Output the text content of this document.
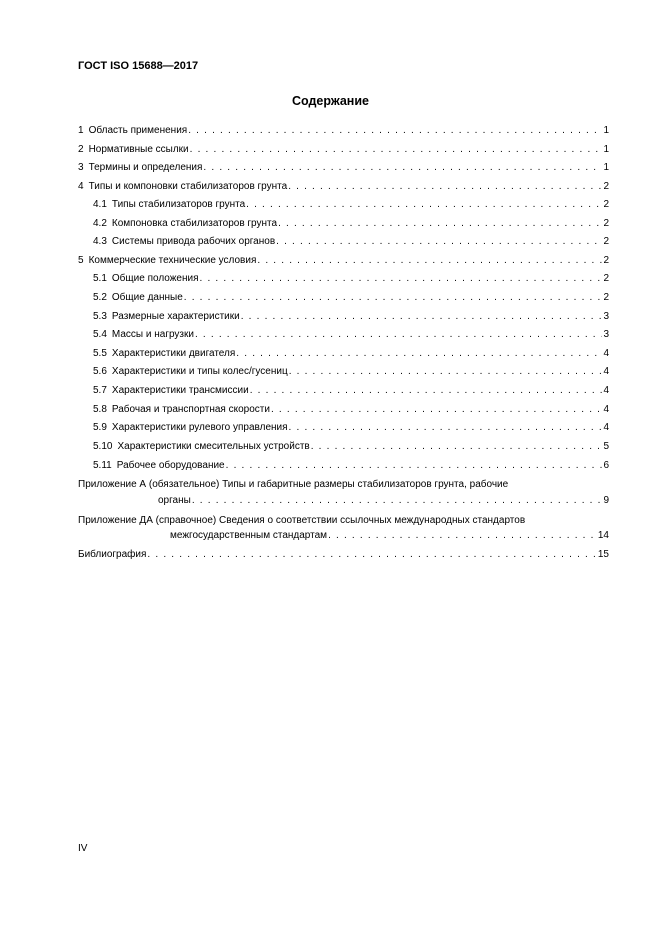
ГОСТ ISO 15688—2017
Содержание
1 Область применения . . .	1
2 Нормативные ссылки . . .	1
3 Термины и определения . . .	1
4 Типы и компоновки стабилизаторов грунта . . .	2
4.1 Типы стабилизаторов грунта . . .	2
4.2 Компоновка стабилизаторов грунта . . .	2
4.3 Системы привода рабочих органов . . .	2
5 Коммерческие технические условия . . .	2
5.1 Общие положения . . .	2
5.2 Общие данные . . .	2
5.3 Размерные характеристики . . .	3
5.4 Массы и нагрузки . . .	3
5.5 Характеристики двигателя . . .	4
5.6 Характеристики и типы колес/гусениц . . .	4
5.7 Характеристики трансмиссии . . .	4
5.8 Рабочая и транспортная скорости . . .	4
5.9 Характеристики рулевого управления . . .	4
5.10 Характеристики смесительных устройств . . .	5
5.11 Рабочее оборудование . . .	6
Приложение А (обязательное) Типы и габаритные размеры стабилизаторов грунта, рабочие
органы . . .	9
Приложение ДА (справочное) Сведения о соответствии ссылочных международных стандартов
межгосударственным стандартам . . .	14
Библиография . . .	15
IV
